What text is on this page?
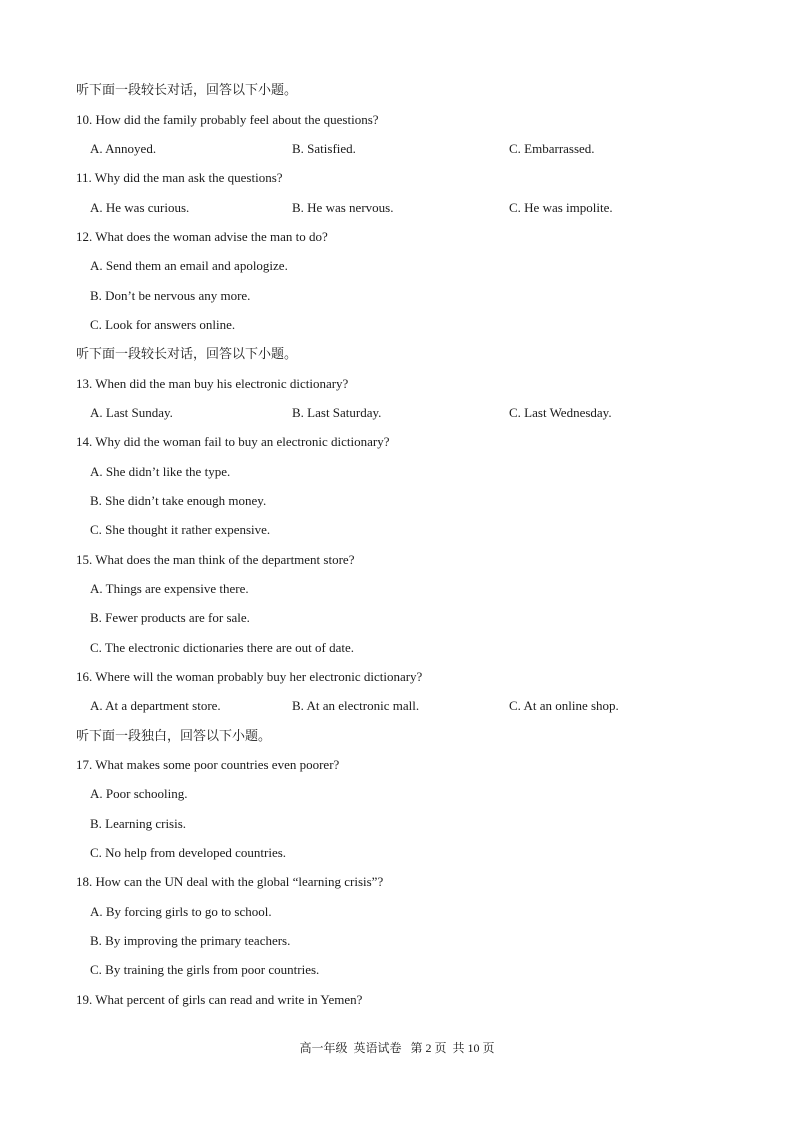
听下面一段较长对话，回答以下小题。
10. How did the family probably feel about the questions?
A. Annoyed.	B. Satisfied.	C. Embarrassed.
11. Why did the man ask the questions?
A. He was curious.	B. He was nervous.	C. He was impolite.
12. What does the woman advise the man to do?
A. Send them an email and apologize.
B. Don’t be nervous any more.
C. Look for answers online.
听下面一段较长对话，回答以下小题。
13. When did the man buy his electronic dictionary?
A. Last Sunday.	B. Last Saturday.	C. Last Wednesday.
14. Why did the woman fail to buy an electronic dictionary?
A. She didn’t like the type.
B. She didn’t take enough money.
C. She thought it rather expensive.
15. What does the man think of the department store?
A. Things are expensive there.
B. Fewer products are for sale.
C. The electronic dictionaries there are out of date.
16. Where will the woman probably buy her electronic dictionary?
A. At a department store.	B. At an electronic mall.	C. At an online shop.
听下面一段独白，回答以下小题。
17. What makes some poor countries even poorer?
A. Poor schooling.
B. Learning crisis.
C. No help from developed countries.
18. How can the UN deal with the global “learning crisis”?
A. By forcing girls to go to school.
B. By improving the primary teachers.
C. By training the girls from poor countries.
19. What percent of girls can read and write in Yemen?
高一年级 英语试卷 第 2 页  共 10 页
